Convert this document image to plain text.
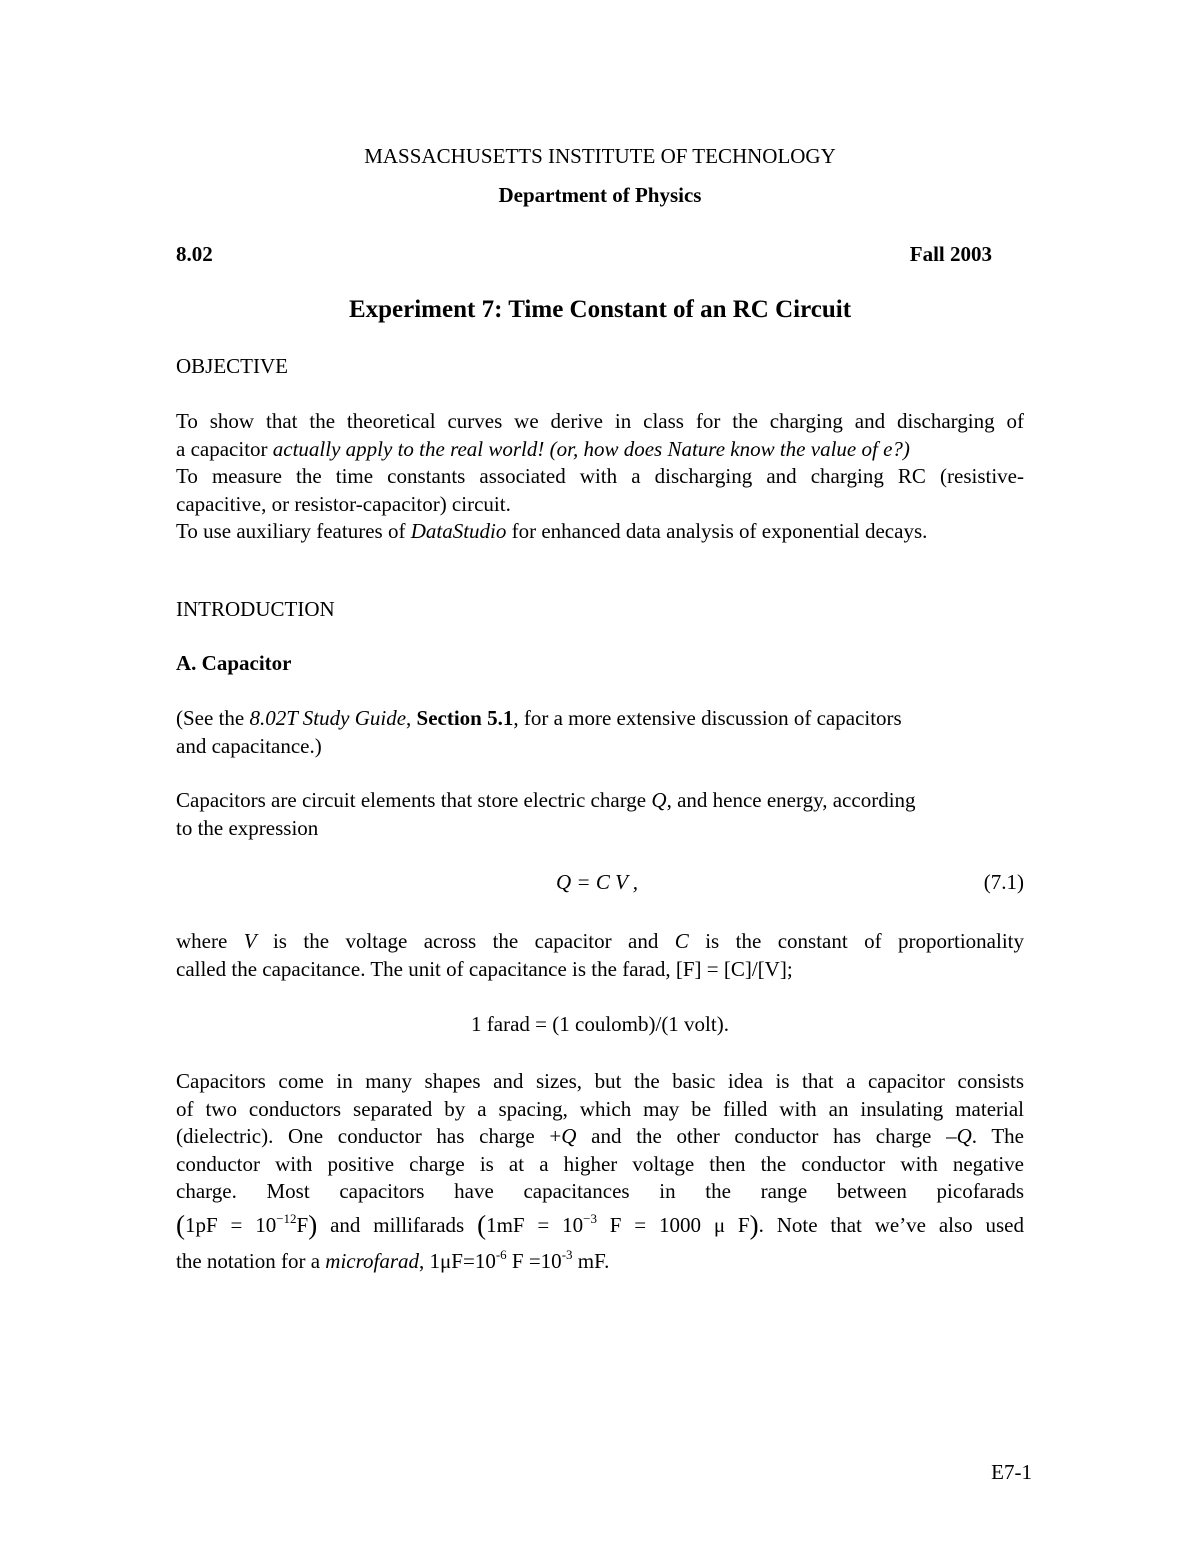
MASSACHUSETTS INSTITUTE OF TECHNOLOGY

Department of Physics

8.02	Fall 2003

Experiment 7: Time Constant of an RC Circuit

OBJECTIVE

To show that the theoretical curves we derive in class for the charging and discharging of
a capacitor actually apply to the real world! (or, how does Nature know the value of e?)
To measure the time constants associated with a discharging and charging RC (resistive-
capacitive, or resistor-capacitor) circuit.
To use auxiliary features of DataStudio for enhanced data analysis of exponential decays.

INTRODUCTION

A. Capacitor

(See the 8.02T Study Guide, Section 5.1, for a more extensive discussion of capacitors
and capacitance.)
Capacitors are circuit elements that store electric charge Q, and hence energy, according
to the expression

Q = C V ,	(7.1)

where V is the voltage across the capacitor and C is the constant of proportionality
called the capacitance. The unit of capacitance is the farad, [F] = [C]/[V];

1 farad = (1 coulomb)/(1 volt).

Capacitors come in many shapes and sizes, but the basic idea is that a capacitor consists
of two conductors separated by a spacing, which may be filled with an insulating material
(dielectric). One conductor has charge +Q and the other conductor has charge –Q. The
conductor with positive charge is at a higher voltage then the conductor with negative
charge. Most capacitors have capacitances in the range between picofarads
$(1pF = 10^{-12}F)$ and millifarads ($1mF = 10^{-3}$ F = 1000 μ F). Note that we’ve also used
the notation for a microfarad, $1\mu F=10^{-6}$ $F =10^{-3}$ mF.

E7-1
